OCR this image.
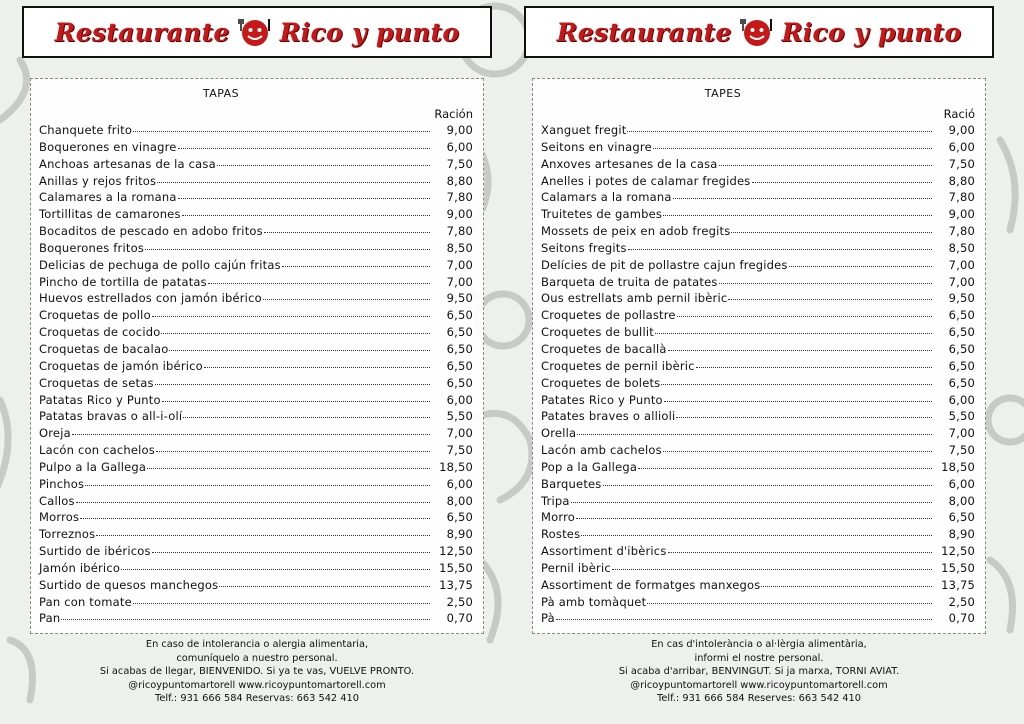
Restaurante Rico y punto
TAPAS
Ración
Chanquete frito	9,00
Boquerones en vinagre	6,00
Anchoas artesanas de la casa	7,50
Anillas y rejos fritos	8,80
Calamares a la romana	7,80
Tortillitas de camarones	9,00
Bocaditos de pescado en adobo fritos	7,80
Boquerones fritos	8,50
Delicias de pechuga de pollo cajún fritas	7,00
Pincho de tortilla de patatas	7,00
Huevos estrellados con jamón ibérico	9,50
Croquetas de pollo	6,50
Croquetas de cocido	6,50
Croquetas de bacalao	6,50
Croquetas de jamón ibérico	6,50
Croquetas de setas	6,50
Patatas Rico y Punto	6,00
Patatas bravas o all-i-olí	5,50
Oreja	7,00
Lacón con cachelos	7,50
Pulpo a la Gallega	18,50
Pinchos	6,00
Callos	8,00
Morros	6,50
Torreznos	8,90
Surtido de ibéricos	12,50
Jamón ibérico	15,50
Surtido de quesos manchegos	13,75
Pan con tomate	2,50
Pan	0,70
En caso de intolerancia o alergia alimentaria,
comuníquelo a nuestro personal.
Si acabas de llegar, BIENVENIDO. Si ya te vas, VUELVE PRONTO.
@ricoypuntomartorell www.ricoypuntomartorell.com
Telf.: 931 666 584 Reservas: 663 542 410
Restaurante Rico y punto
TAPES
Ració
Xanguet fregit	9,00
Seitons en vinagre	6,00
Anxoves artesanes de la casa	7,50
Anelles i potes de calamar fregides	8,80
Calamars a la romana	7,80
Truitetes de gambes	9,00
Mossets de peix en adob fregits	7,80
Seitons fregits	8,50
Delícies de pit de pollastre cajun fregides	7,00
Barqueta de truita de patates	7,00
Ous estrellats amb pernil ibèric	9,50
Croquetes de pollastre	6,50
Croquetes de bullit	6,50
Croquetes de bacallà	6,50
Croquetes de pernil ibèric	6,50
Croquetes de bolets	6,50
Patates Rico y Punto	6,00
Patates braves o allioli	5,50
Orella	7,00
Lacón amb cachelos	7,50
Pop a la Gallega	18,50
Barquetes	6,00
Tripa	8,00
Morro	6,50
Rostes	8,90
Assortiment d'ibèrics	12,50
Pernil ibèric	15,50
Assortiment de formatges manxegos	13,75
Pà amb tomàquet	2,50
Pà	0,70
En cas d'intolerància o al·lèrgia alimentària,
informi el nostre personal.
Si acaba d'arribar, BENVINGUT. Si ja marxa, TORNI AVIAT.
@ricoypuntomartorell www.ricoypuntomartorell.com
Telf.: 931 666 584 Reserves: 663 542 410
